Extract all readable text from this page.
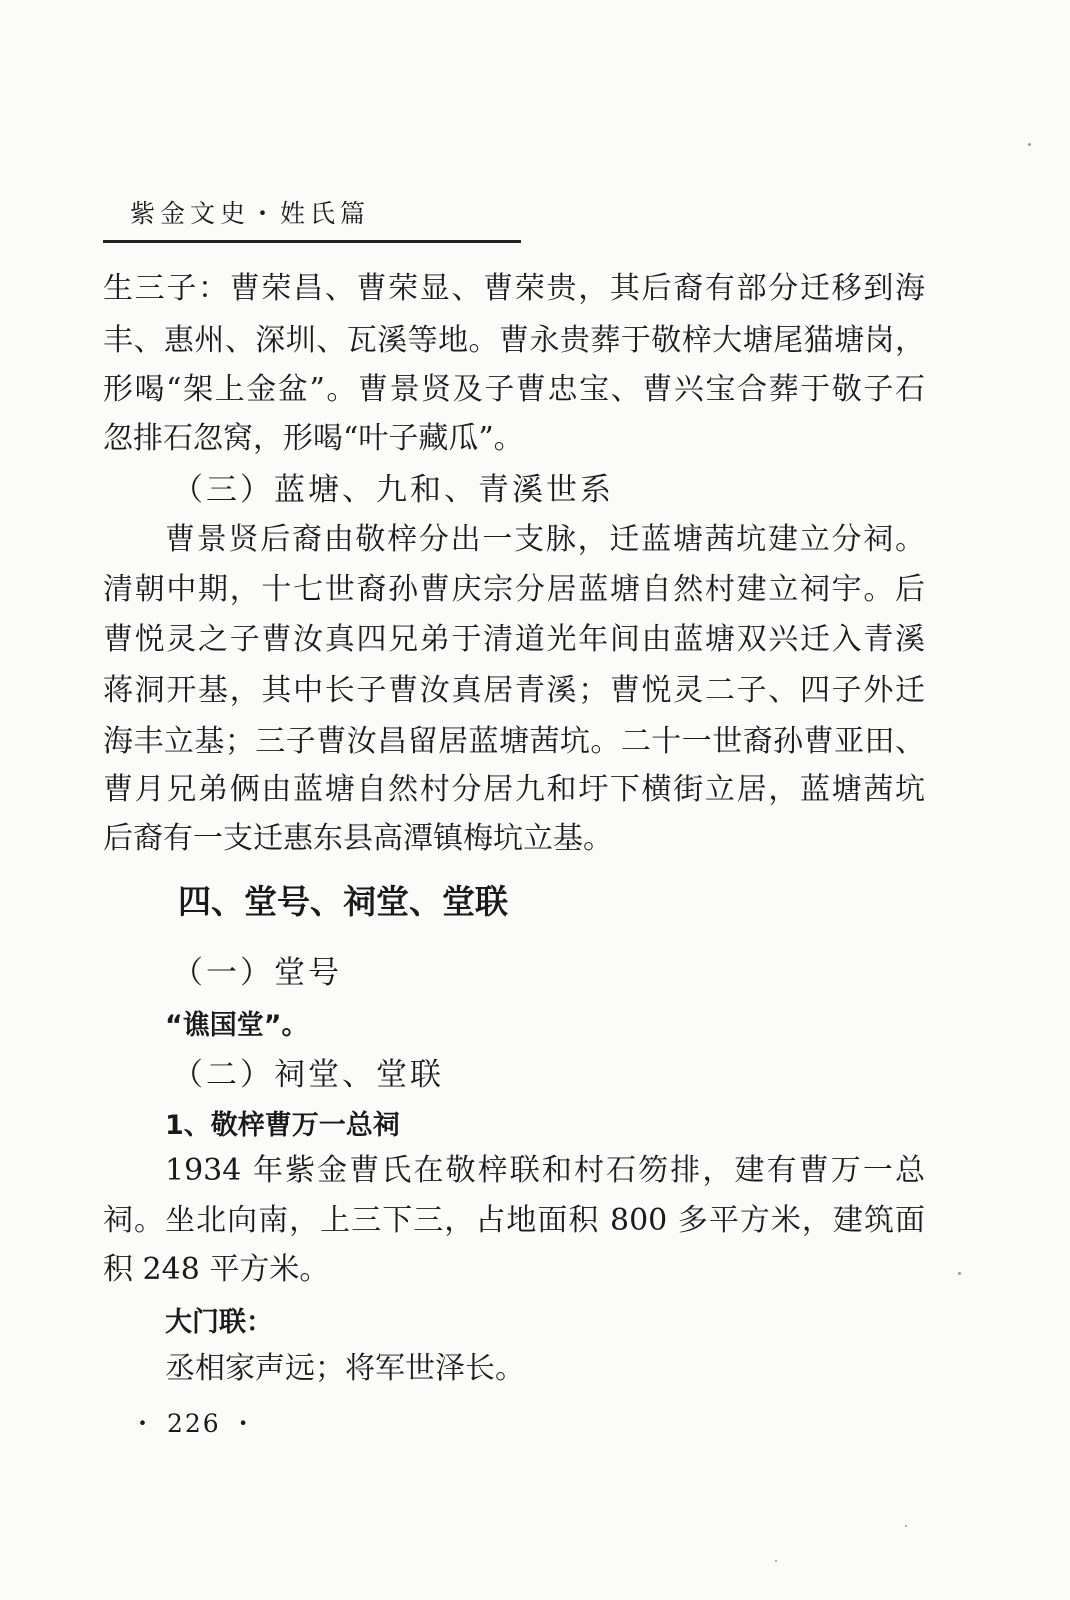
紫金文史・姓氏篇
生三子：曹荣昌、曹荣显、曹荣贵，其后裔有部分迁移到海
丰、惠州、深圳、瓦溪等地。曹永贵葬于敬梓大塘尾猫塘岗，
形喝“架上金盆”。曹景贤及子曹忠宝、曹兴宝合葬于敬子石
忽排石忽窝，形喝“叶子藏瓜”。
（三）蓝塘、九和、青溪世系
曹景贤后裔由敬梓分出一支脉，迁蓝塘茜坑建立分祠。
清朝中期，十七世裔孙曹庆宗分居蓝塘自然村建立祠宇。后
曹悦灵之子曹汝真四兄弟于清道光年间由蓝塘双兴迁入青溪
蒋洞开基，其中长子曹汝真居青溪；曹悦灵二子、四子外迁
海丰立基；三子曹汝昌留居蓝塘茜坑。二十一世裔孙曹亚田、
曹月兄弟俩由蓝塘自然村分居九和圩下横街立居，蓝塘茜坑
后裔有一支迁惠东县高潭镇梅坑立基。
四、堂号、祠堂、堂联
（一）堂号
“谯国堂”。
（二）祠堂、堂联
1、敬梓曹万一总祠
1934 年紫金曹氏在敬梓联和村石笏排，建有曹万一总
祠。坐北向南，上三下三，占地面积 800 多平方米，建筑面
积 248 平方米。
大门联：
丞相家声远；将军世泽长。
・ 226 ・
